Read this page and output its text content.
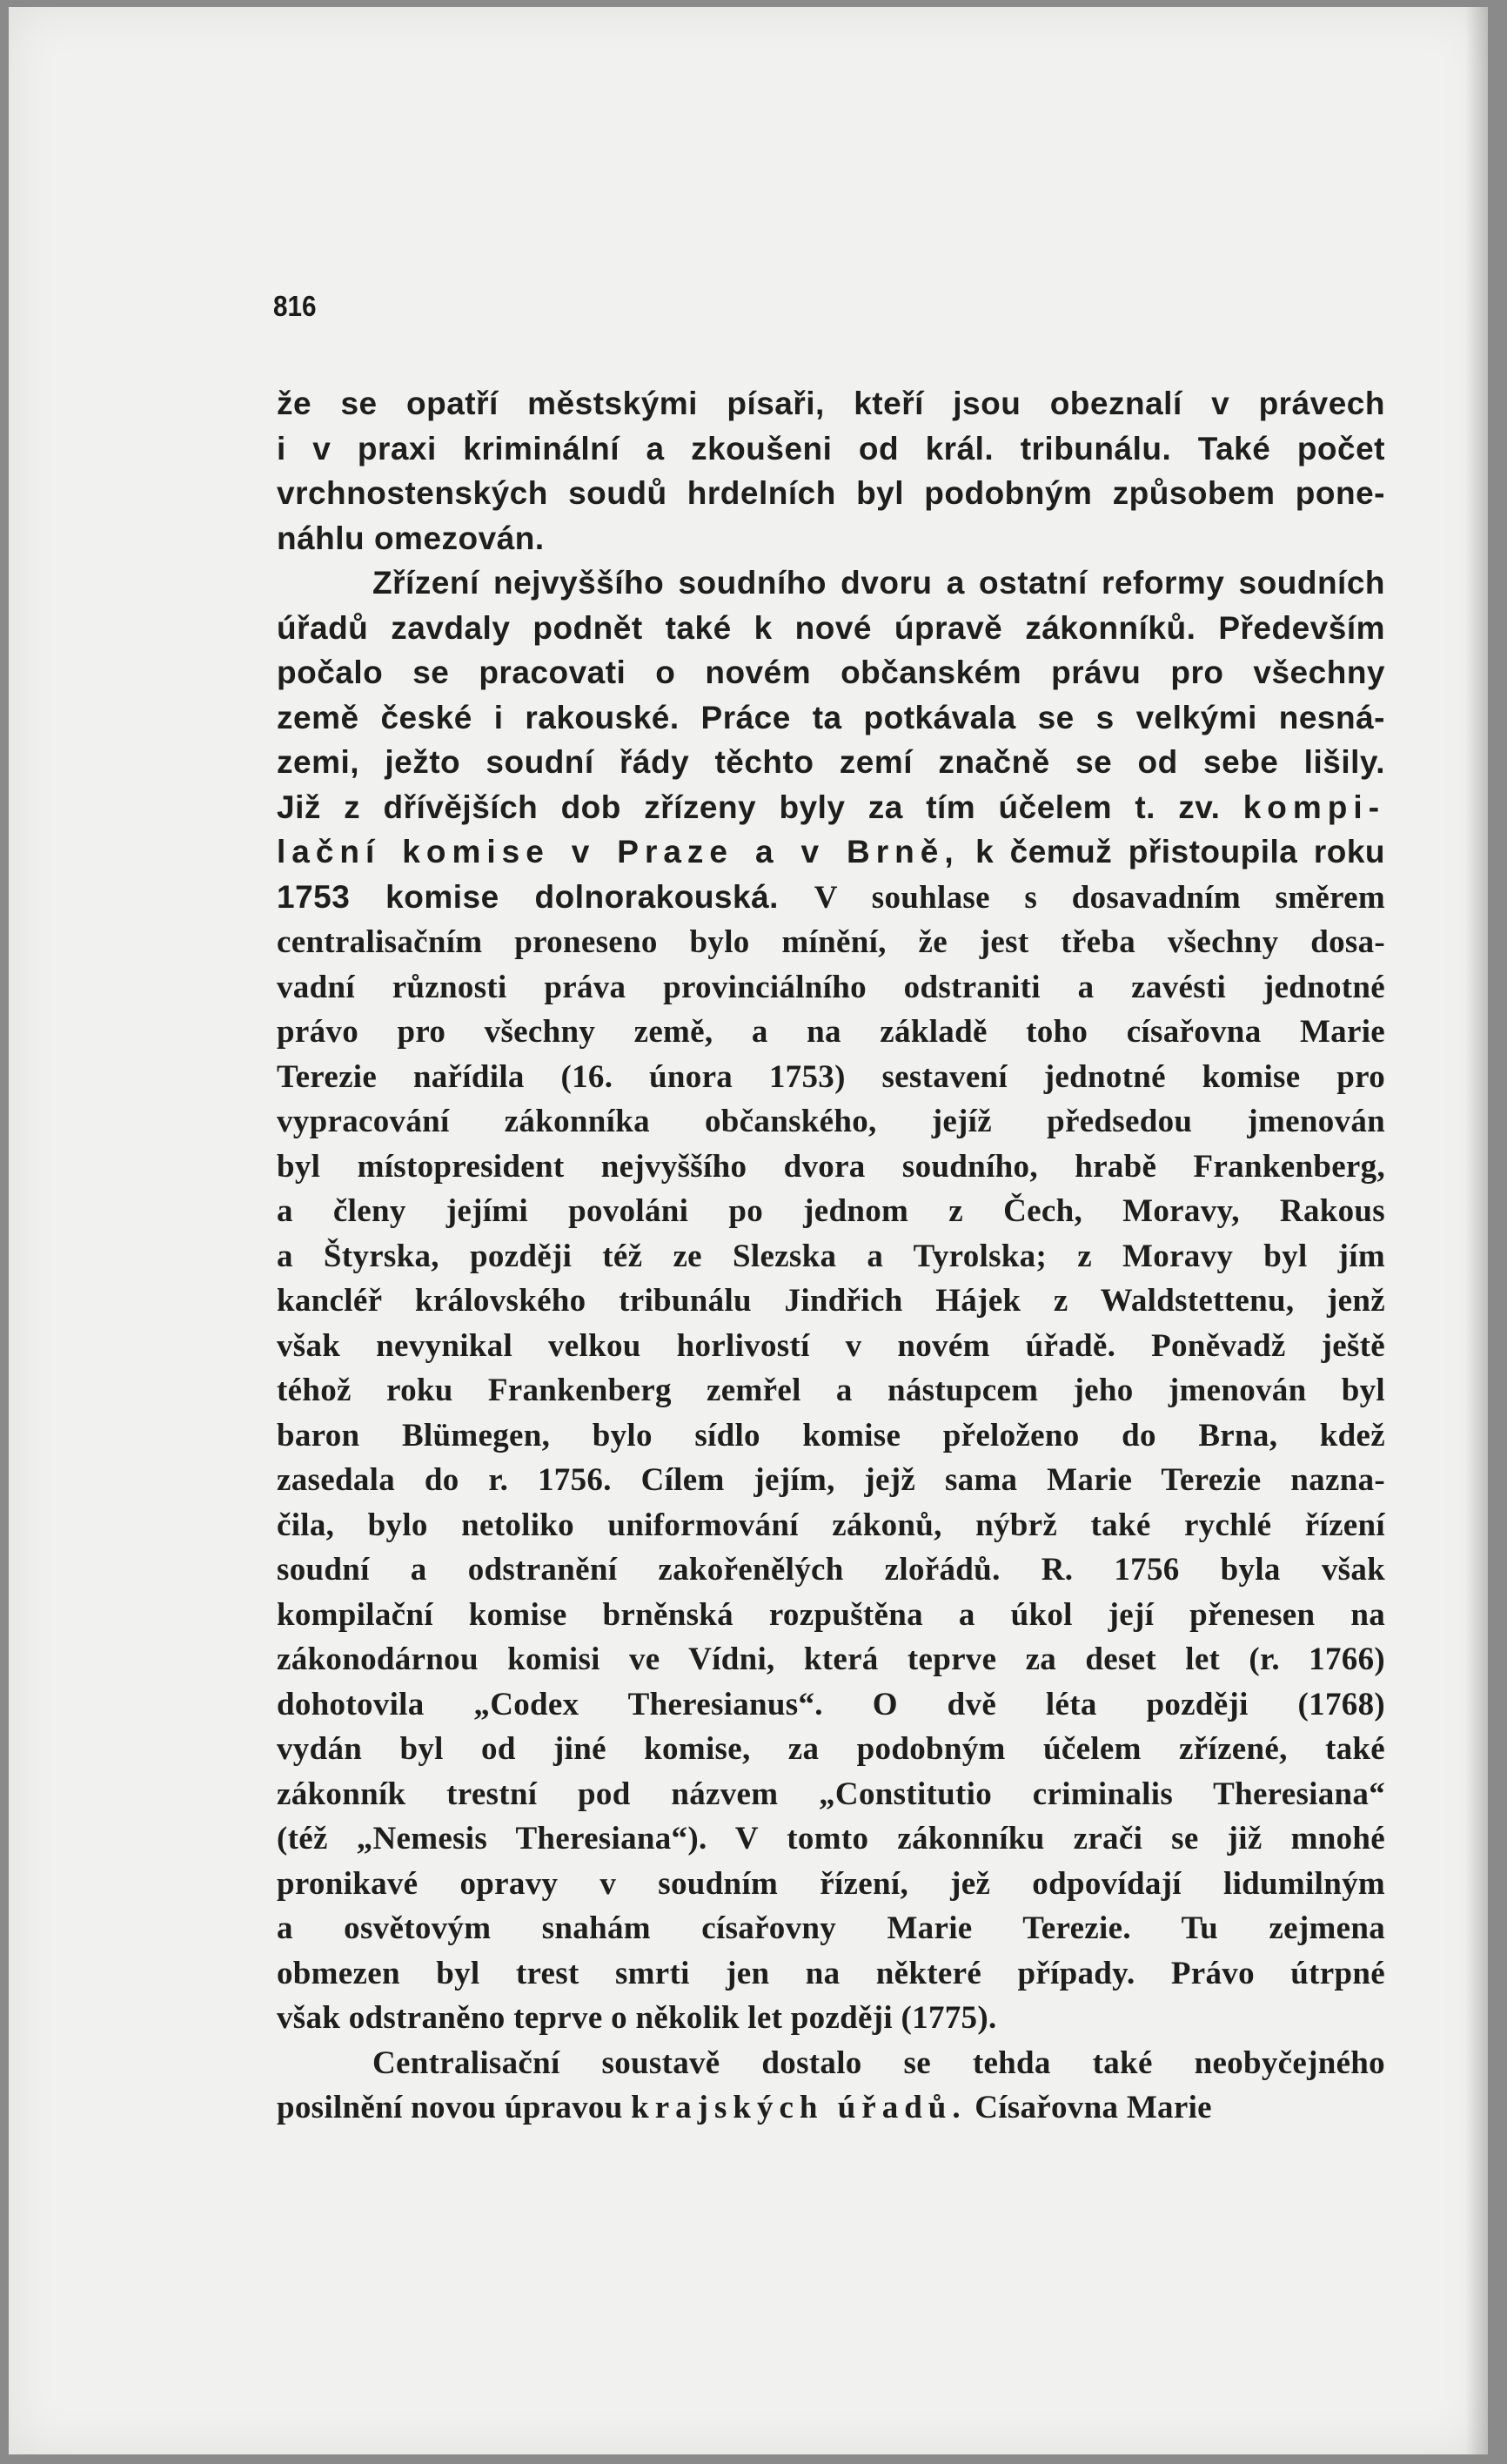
816
že se opatří městskými písaři, kteří jsou obeznalí v právech
i v praxi kriminální a zkoušeni od král. tribunálu. Také počet
vrchnostenských soudů hrdelních byl podobným způsobem pone-
náhlu omezován.
Zřízení nejvyššího soudního dvoru a ostatní reformy soudních
úřadů zavdaly podnět také k nové úpravě zákonníků. Především
počalo se pracovati o novém občanském právu pro všechny
země české i rakouské. Práce ta potkávala se s velkými nesná-
zemi, ježto soudní řády těchto zemí značně se od sebe lišily.
Již z dřívějších dob zřízeny byly za tím účelem t. zv. kompi-
lační komise v Praze a v Brně, k čemuž přistoupila roku
1753 komise dolnorakouská. V souhlase s dosavadním směrem
centralisačním proneseno bylo mínění, že jest třeba všechny dosa-
vadní různosti práva provinciálního odstraniti a zavésti jednotné
právo pro všechny země, a na základě toho císařovna Marie
Terezie nařídila (16. února 1753) sestavení jednotné komise pro
vypracování zákonníka občanského, jejíž předsedou jmenován
byl místopresident nejvyššího dvora soudního, hrabě Frankenberg,
a členy jejími povoláni po jednom z Čech, Moravy, Rakous
a Štyrska, později též ze Slezska a Tyrolska; z Moravy byl jím
kancléř královského tribunálu Jindřich Hájek z Waldstettenu, jenž
však nevynikal velkou horlivostí v novém úřadě. Poněvadž ještě
téhož roku Frankenberg zemřel a nástupcem jeho jmenován byl
baron Blümegen, bylo sídlo komise přeloženo do Brna, kdež
zasedala do r. 1756. Cílem jejím, jejž sama Marie Terezie nazna-
čila, bylo netoliko uniformování zákonů, nýbrž také rychlé řízení
soudní a odstranění zakořenělých zlořádů. R. 1756 byla však
kompilační komise brněnská rozpuštěna a úkol její přenesen na
zákonodárnou komisi ve Vídni, která teprve za deset let (r. 1766)
dohotovila „Codex Theresianus“. O dvě léta později (1768)
vydán byl od jiné komise, za podobným účelem zřízené, také
zákonník trestní pod názvem „Constitutio criminalis Theresiana“
(též „Nemesis Theresiana“). V tomto zákonníku zrači se již mnohé
pronikavé opravy v soudním řízení, jež odpovídají lidumilným
a osvětovým snahám císařovny Marie Terezie. Tu zejmena
obmezen byl trest smrti jen na některé případy. Právo útrpné
však odstraněno teprve o několik let později (1775).
Centralisační soustavě dostalo se tehda také neobyčejného
posilnění novou úpravou krajských úřadů. Císařovna Marie
